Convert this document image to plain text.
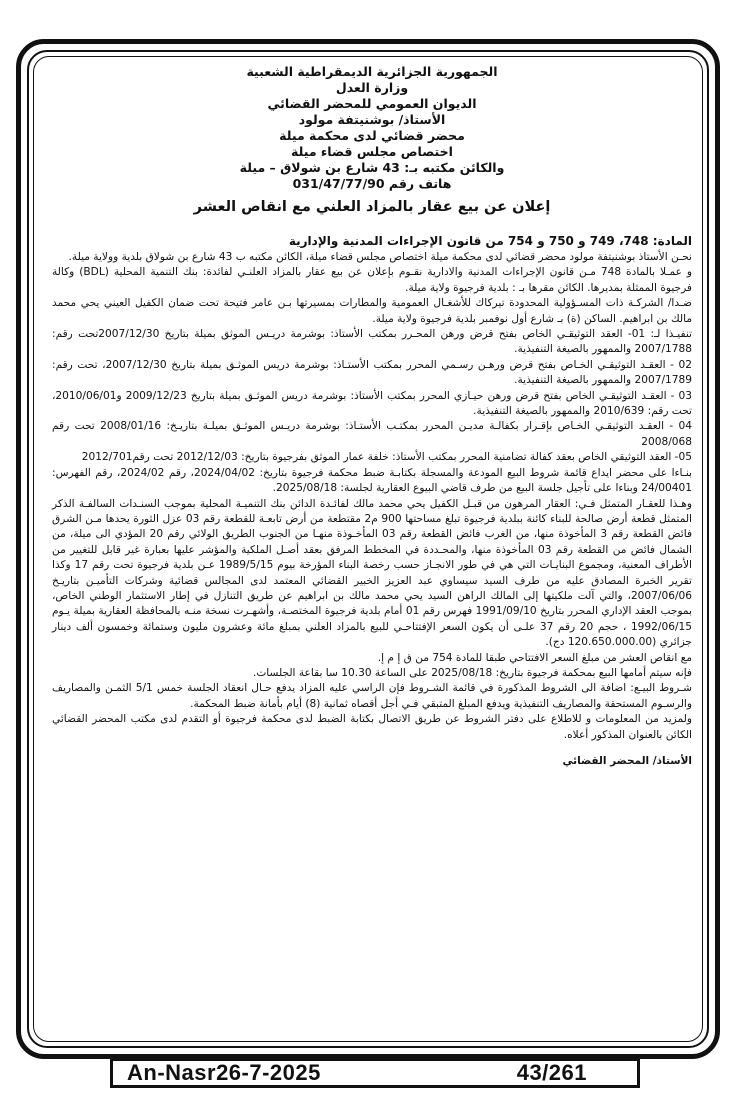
الجمهورية الجزائرية الديمقراطية الشعبية

وزارة العدل

الديوان العمومي للمحضر القضائي

الأستاذ/ بوشنيتفة مولود

محضر قضائي لدى محكمة ميلة

اختصاص مجلس قضاء ميلة

والكائن مكتبه بـ: 43 شارع بن شولاق – ميلة

هاتف رقم 031/47/77/90

إعلان عن بيع عقار بالمزاد العلني مع انقاص العشر

المادة: 748، 749 و 750 و 754 من قانون الإجراءات المدنية والإدارية

نحـن الأستاذ بوشنيتفة مولود محضر قضائي لدى محكمة ميلة اختصاص مجلس قضاء ميلة، الكائن مكتبه ب 43 شارع بن شولاق بلدية وولاية ميلة.

و عمـلا بالمادة 748 مـن قانون الإجراءات المدنية والادارية نقـوم بإعلان عن بيع عقار بالمزاد العلنـي لفائدة: بنك التنمية المحلية (BDL) وكالة فرجيوة الممثلة بمديرها. الكائن مقرها بـ : بلدية فرجيوة ولاية ميلة.

ضـدا/ الشركـة ذات المسـؤولية المحدودة تيركاك للأشغـال العمومية والمطارات بمسيرتها بـن عامر فتيحة تحت ضمان الكفيل العيني يحي محمد مالك بن ابراهيم. الساكن (ة) بـ شارع أول نوفمبر بلدية فرجيوة ولاية ميلة.

تنفيـذا لـ: 01- العقد التوثيقـي الخاص بفتح قرض ورهن المحـرر بمكتب الأستاذ: بوشرمة دريـس الموثق بميلة بتاريخ 2007/12/30تحت رقم: 2007/1788 والممهور بالصيغة التنفيذية.

02 - العقـد التوثيقـي الخـاص بفتح قرض ورهـن رسـمي المحرر بمكتب الأستـاذ: بوشرمة دريس الموثـق بميلة بتاريخ 2007/12/30، تحت رقم: 2007/1789 والممهور بالصيغة التنفيذية.

03 - العقـد التوثيقـي الخاص بفتح قرض ورهن حيـازي المحرر بمكتب الأستاذ: بوشرمة دريس الموثـق بميلة بتاريخ 2009/12/23 و2010/06/01، تحت رقم: 2010/639 والممهور بالصيغة التنفيذية.

04 - العقـد التوثيقـي الخـاص بإقـرار بكفالـة مديـن المحرر بمكتـب الأستـاذ: بوشرمة دريـس الموثـق بميلـة بتاريـخ: 2008/01/16 تحت رقم 2008/068

05- العقد التوثيقي الخاص بعقد كفالة تضامنية المحرر بمكتب الأستاذ: خلفة عمار الموثق بفرجيوة بتاريخ: 2012/12/03 تحت رقم2012/701

بنـاءا على محضر ايداع قائمة شروط البيع المودعة والمسجلة بكتابـة ضبط محكمة فرجيوة بتاريخ: 2024/04/02، رقم 2024/02، رقم الفهرس: 24/00401 وبناءا على تأجيل جلسة البيع من طرف قاضي البيوع العقارية لجلسة: 2025/08/18.

وهـذا للعقـار المتمثل فـي: العقار المرهون من قبـل الكفيل يحي محمد مالك لفائـدة الدائن بنك التنميـة المحلية بموجب السنـدات السالفـة الذكر المتمثل قطعة أرض صالحة للبناء كائنة ببلدية فرجيوة تبلغ مساحتها 900 م2 مقتطعة من أرض تابعـة للقطعة رقم 03 عزل الثورة يحدها مـن الشرق فائض القطعة رقم 3 المأخوذة منها، من الغرب فائض القطعة رقم 03 المأخـوذة منهـا من الجنوب الطريق الولائي رقم 20 المؤدي الى ميلة، من الشمال فائض من القطعة رقم 03 المأخوذة منها، والمحـددة في المخطط المرفق بعقد أصـل الملكية والمؤشر عليها بعبارة غير قابل للتغيير من الأطراف المعنية، ومجموع البنايـات التي هي في طور الانجـاز حسب رخصة البناء المؤرخة بيوم 1989/5/15 عـن بلدية فرجيوة تحت رقم 17 وكذا تقرير الخبرة المصادق عليه من طرف السيد سيساوي عبد العزيز الخبير القضائي المعتمد لدى المجالس قضائية وشركات التأميـن بتاريـخ 2007/06/06، والتي آلت ملكيتها إلى المالك الراهن السيد يحي محمد مالك بن ابراهيم عن طريق التنازل في إطار الاستثمار الوطني الخاص، بموجب العقد الإداري المحرر بتاريخ 1991/09/10 فهرس رقم 01 أمام بلدية فرجيوة المختصـة، وأشهـرت نسخة منـه بالمحافظة العقارية بميلة يـوم 1992/06/15 ، حجم 20 رقم 37 علـى أن يكون السعر الإفتتاحـي للبيع بالمزاد العلني بمبلغ مائة وعشرون مليون وستمائة وخمسون ألف دينار جزائري (120.650.000.00 دج).

مع انقاص العشر من مبلغ السعر الافتتاحي طبقا للمادة 754 من ق إ م إ.

فإنه سيتم أمامها البيع بمحكمة فرجيوة بتاريخ: 2025/08/18 على الساعة 10.30 سا بقاعة الجلسات.

شـروط البيـع: اضافة الى الشروط المذكورة في قائمة الشـروط فإن الراسي عليه المزاد يدفع حـال انعقاد الجلسة خمس 5/1 الثمـن والمصاريف والرسـوم المستحقة والمصاريف التنفيذية ويدفع المبلغ المتبقي فـي أجل أقصاه ثمانية (8) أيام بأمانة ضبط المحكمة.

ولمزيد من المعلومات و للاطلاع على دفتر الشروط عن طريق الاتصال بكتابة الضبط لدى محكمة فرجيوة أو التقدم لدى مكتب المحضر القضائي الكائن بالعنوان المذكور أعلاه.

الأستاذ/ المحضر القضائي

An-Nasr26-7-2025	43/261
